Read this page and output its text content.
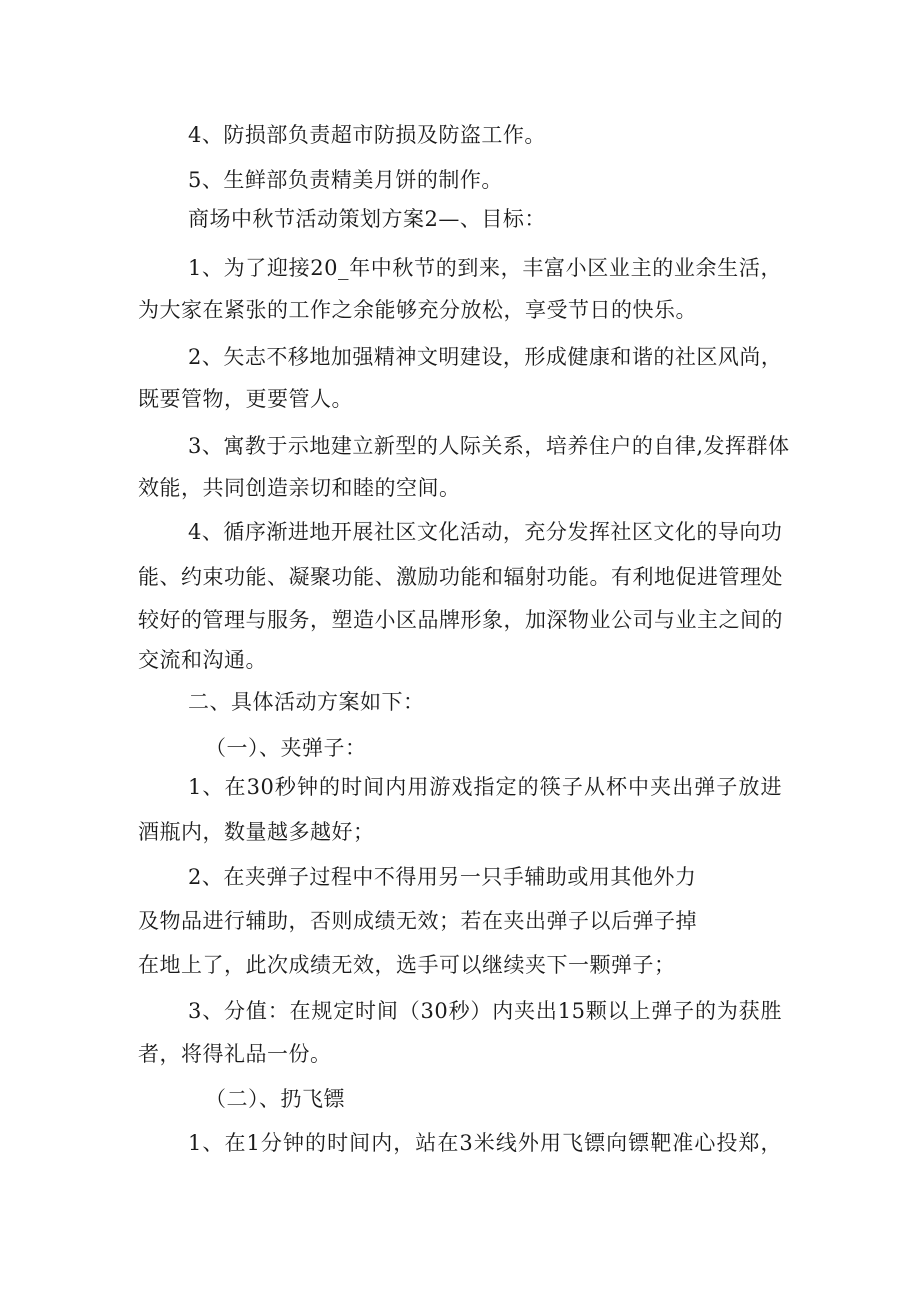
4、防损部负责超市防损及防盗工作。
5、生鲜部负责精美月饼的制作。
商场中秋节活动策划方案2—、目标：
1、为了迎接20_年中秋节的到来，丰富小区业主的业余生活，
为大家在紧张的工作之余能够充分放松，享受节日的快乐。
2、矢志不移地加强精神文明建设，形成健康和谐的社区风尚，
既要管物，更要管人。
3、寓教于示地建立新型的人际关系，培养住户的自律,发挥群体
效能，共同创造亲切和睦的空间。
4、循序渐进地开展社区文化活动，充分发挥社区文化的导向功
能、约束功能、凝聚功能、激励功能和辐射功能。有利地促进管理处
较好的管理与服务，塑造小区品牌形象，加深物业公司与业主之间的
交流和沟通。
二、具体活动方案如下：
（一）、夹弹子：
1、在30秒钟的时间内用游戏指定的筷子从杯中夹出弹子放进
酒瓶内，数量越多越好；
2、在夹弹子过程中不得用另一只手辅助或用其他外力
及物品进行辅助，否则成绩无效；若在夹出弹子以后弹子掉
在地上了，此次成绩无效，选手可以继续夹下一颗弹子；
3、分值：在规定时间（30秒）内夹出15颗以上弹子的为获胜
者，将得礼品一份。
（二）、扔飞镖
1、在1分钟的时间内，站在3米线外用飞镖向镖靶准心投郑，
